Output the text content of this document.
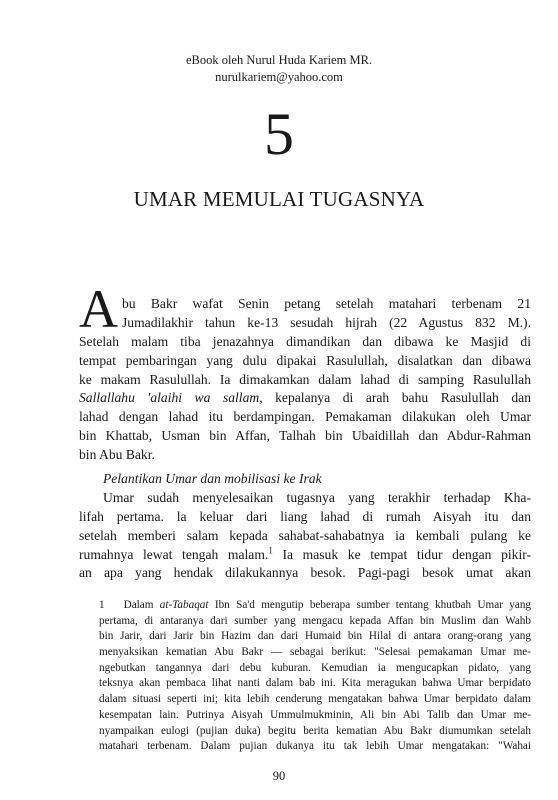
eBook oleh Nurul Huda Kariem MR.
nurulkariem@yahoo.com
5
UMAR MEMULAI TUGASNYA
A bu Bakr wafat Senin petang setelah matahari terbenam 21
Jumadilakhir tahun ke-13 sesudah hijrah (22 Agustus 832 M.).
Setelah malam tiba jenazahnya dimandikan dan dibawa ke Masjid di
tempat pembaringan yang dulu dipakai Rasulullah, disalatkan dan dibawa
ke makam Rasulullah. Ia dimakamkan dalam lahad di samping Rasulullah
Sallallahu 'alaihi wa sallam, kepalanya di arah bahu Rasulullah dan
lahad dengan lahad itu berdampingan. Pemakaman dilakukan oleh Umar
bin Khattab, Usman bin Affan, Talhah bin Ubaidillah dan Abdur-Rahman
bin Abu Bakr.
Pelantikan Umar dan mobilisasi ke Irak
Umar sudah menyelesaikan tugasnya yang terakhir terhadap Kha-
lifah pertama. la keluar dari liang lahad di rumah Aisyah itu dan
setelah memberi salam kepada sahabat-sahabatnya ia kembali pulang ke
rumahnya lewat tengah malam.$^1$ Ia masuk ke tempat tidur dengan pikir-
an apa yang hendak dilakukannya besok. Pagi-pagi besok umat akan
1 Dalam at-Tabaqat Ibn Sa'd mengutip beberapa sumber tentang khutbah Umar yang
pertama, di antaranya dari sumber yang mengacu kepada Affan bin Muslim dan Wahb
bin Jarir, dari Jarir bin Hazim dan dari Humaid bin Hilal di antara orang-orang yang
menyaksikan kematian Abu Bakr — sebagai berikut: "Selesai pemakaman Umar me-
ngebutkan tangannya dari debu kuburan. Kemudian ia mengucapkan pidato, yang
teksnya akan pembaca lihat nanti dalam bab ini. Kita meragukan bahwa Umar berpidato
dalam situasi seperti ini; kita lebih cenderung mengatakan bahwa Umar berpidato dalam
kesempatan lain. Putrinya Aisyah Ummulmukminin, Ali bin Abi Talib dan Umar me-
nyampaikan eulogi (pujian duka) begitu berita kematian Abu Bakr diumumkan setelah
matahari terbenam. Dalam pujian dukanya itu tak lebih Umar mengatakan: "Wahai
90
